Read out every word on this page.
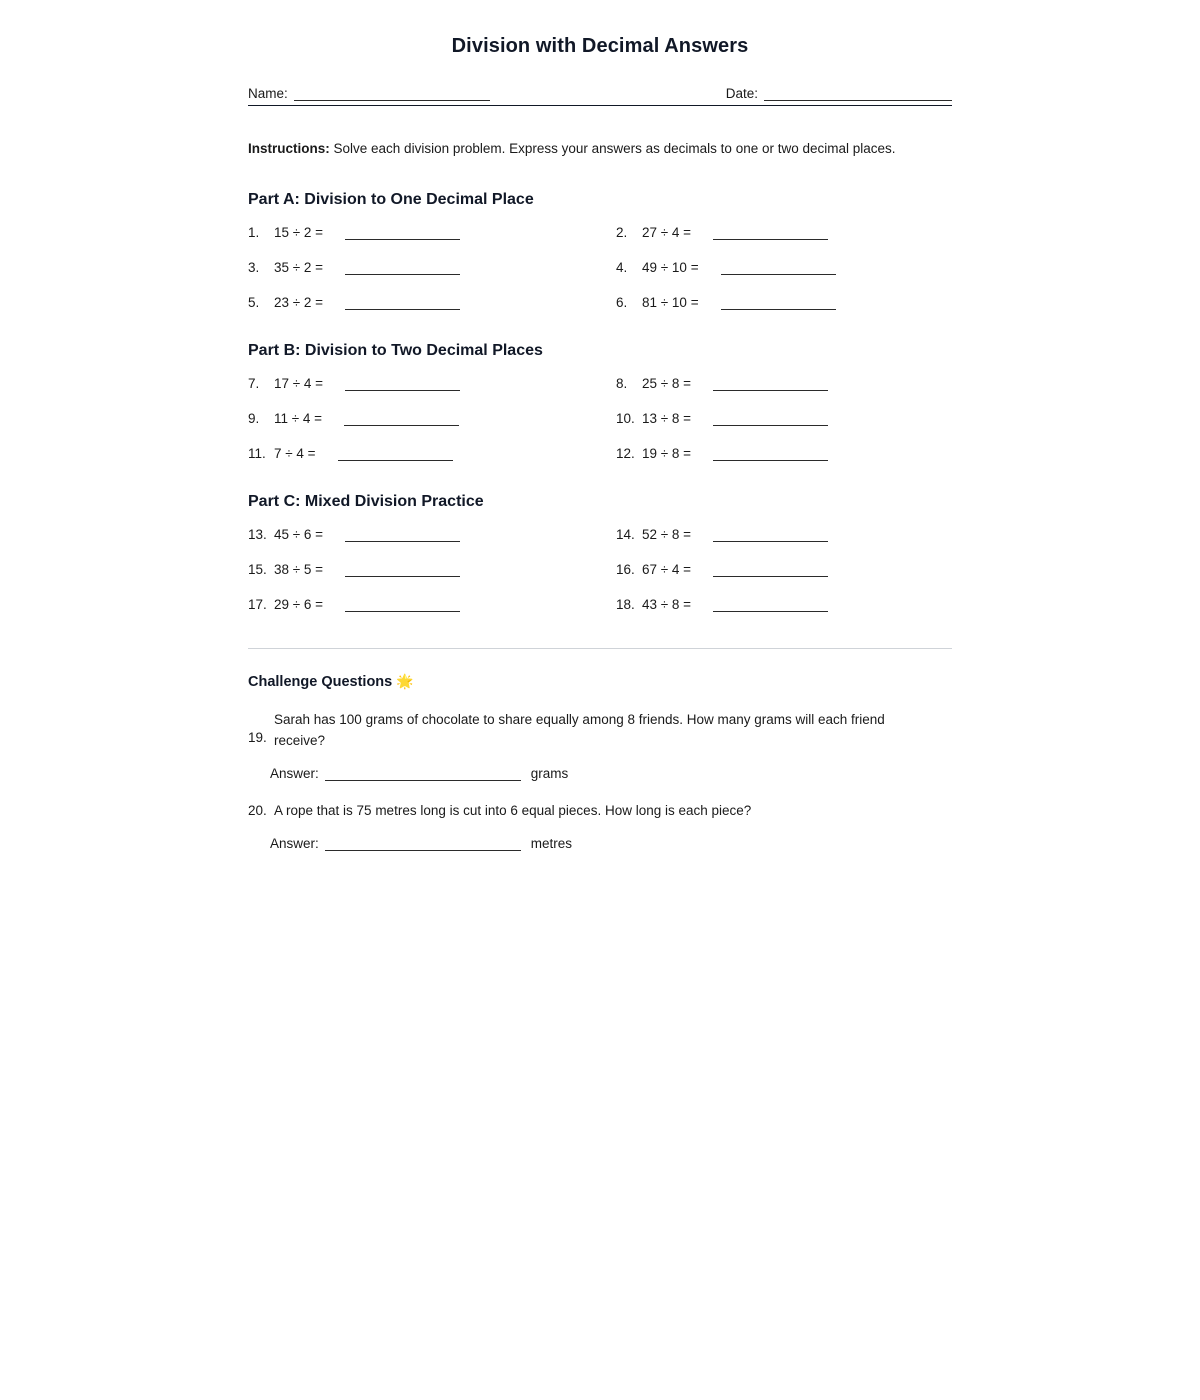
Division with Decimal Answers
Name:	Date:

Instructions: Solve each division problem. Express your answers as decimals to one or two decimal places.

Part A: Division to One Decimal Place
1.	15 ÷ 2 =	2.	27 ÷ 4 =
3.	35 ÷ 2 =	4.	49 ÷ 10 =
5.	23 ÷ 2 =	6.	81 ÷ 10 =
Part B: Division to Two Decimal Places
7.	17 ÷ 4 =	8.	25 ÷ 8 =
9.	11 ÷ 4 =	10. 13 ÷ 8 =
11. 7 ÷ 4 =	12. 19 ÷ 8 =
Part C: Mixed Division Practice
13. 45 ÷ 6 =	14. 52 ÷ 8 =
15. 38 ÷ 5 =	16. 67 ÷ 4 =
17. 29 ÷ 6 =	18. 43 ÷ 8 =
Challenge Questions 🌟
19.
Sarah has 100 grams of chocolate to share equally among 8 friends. How many grams will each friend receive?
Answer:	grams
20. A rope that is 75 metres long is cut into 6 equal pieces. How long is each piece?
Answer:	metres
